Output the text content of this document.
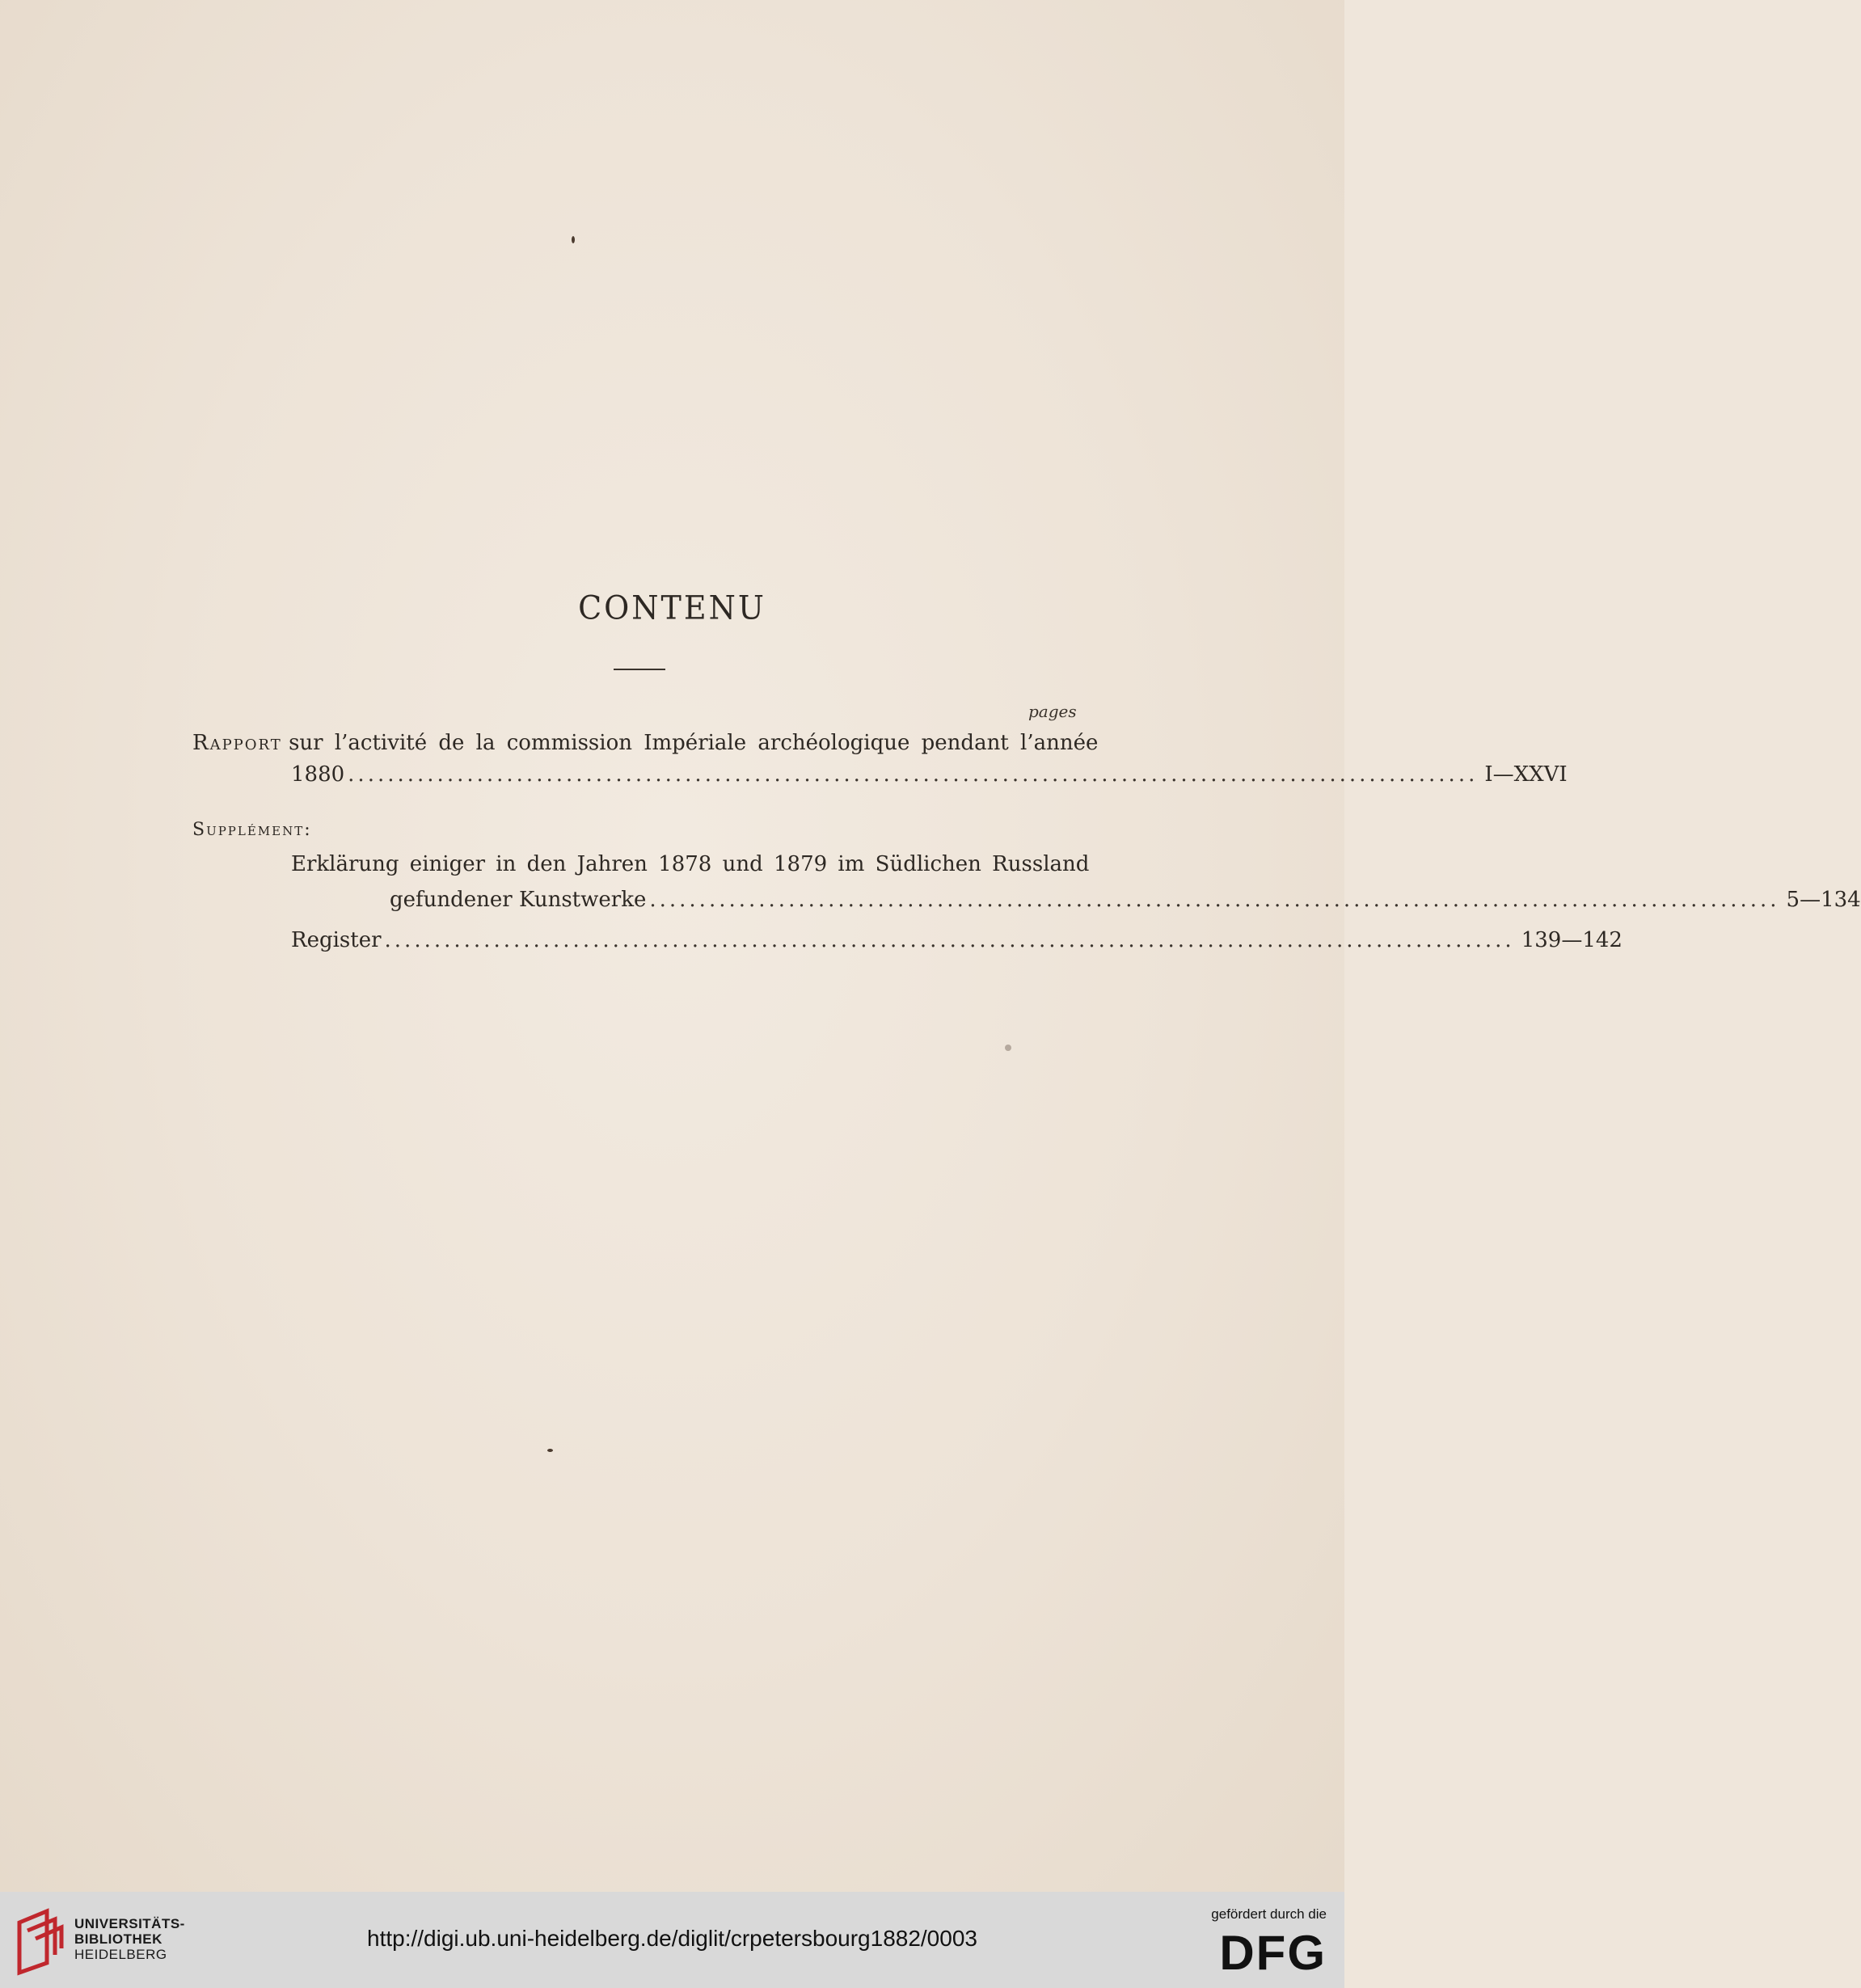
CONTENU
pages
Rapport sur l’activité de la commission Impériale archéologique pendant l’année
1880 .................................................................................................................. I—XXVI
Supplément:
Erklärung einiger in den Jahren 1878 und 1879 im Südlichen Russland
gefundener Kunstwerke .................................................................................................................. 5—134
Register .................................................................................................................. 139—142
UNIVERSITÄTS-
BIBLIOTHEK
HEIDELBERG
http://digi.ub.uni-heidelberg.de/diglit/crpetersbourg1882/0003
gefördert durch die
DFG
